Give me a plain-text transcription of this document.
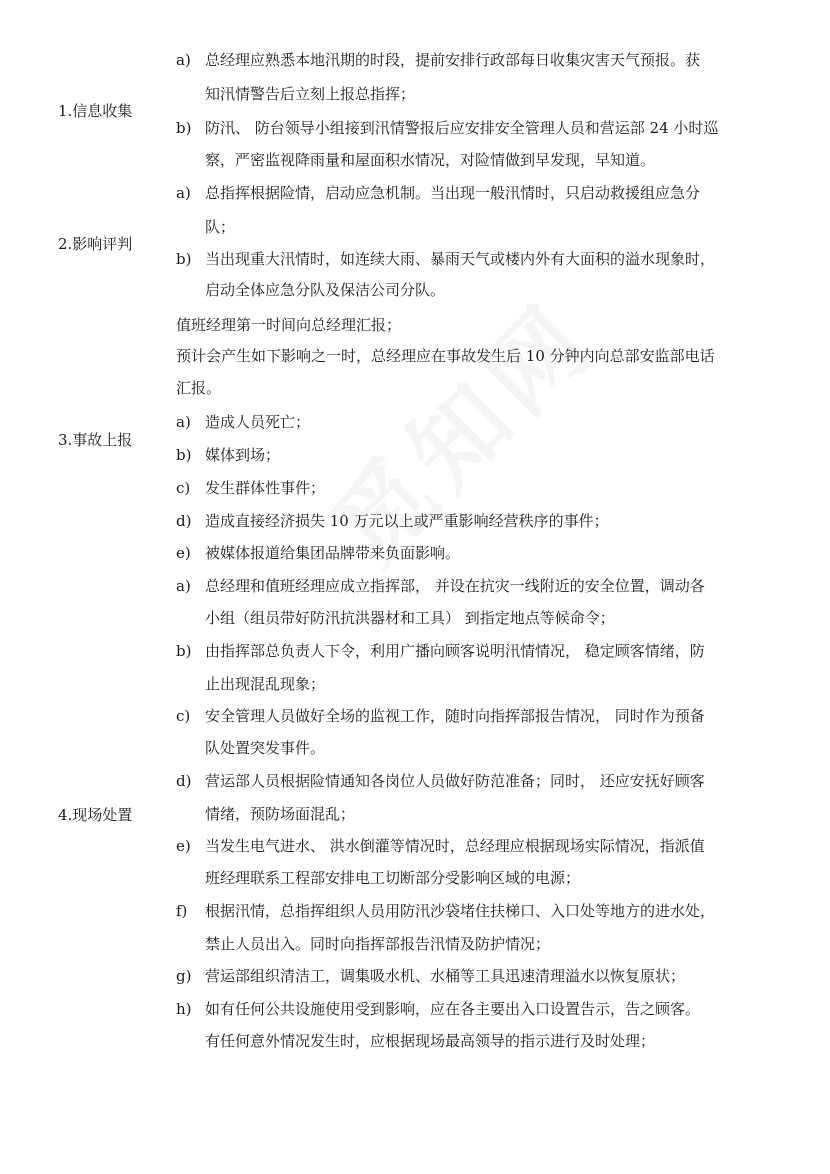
1.信息收集
a) 总经理应熟悉本地汛期的时段，提前安排行政部每日收集灾害天气预报。获
知汛情警告后立刻上报总指挥；
b) 防汛、 防台领导小组接到汛情警报后应安排安全管理人员和营运部 24 小时巡
察，严密监视降雨量和屋面积水情况，对险情做到早发现，早知道。
2.影响评判
a) 总指挥根据险情，启动应急机制。当出现一般汛情时，只启动救援组应急分
队；
b) 当出现重大汛情时，如连续大雨、暴雨天气或楼内外有大面积的溢水现象时，
启动全体应急分队及保洁公司分队。
3.事故上报
值班经理第一时间向总经理汇报；
预计会产生如下影响之一时，总经理应在事故发生后 10 分钟内向总部安监部电话
汇报。
a) 造成人员死亡；
b) 媒体到场；
c) 发生群体性事件；
d) 造成直接经济损失 10 万元以上或严重影响经营秩序的事件；
e) 被媒体报道给集团品牌带来负面影响。
4.现场处置
a) 总经理和值班经理应成立指挥部， 并设在抗灾一线附近的安全位置，调动各
小组（组员带好防汛抗洪器材和工具） 到指定地点等候命令；
b) 由指挥部总负责人下令，利用广播向顾客说明汛情情况， 稳定顾客情绪，防
止出现混乱现象；
c) 安全管理人员做好全场的监视工作，随时向指挥部报告情况， 同时作为预备
队处置突发事件。
d) 营运部人员根据险情通知各岗位人员做好防范准备；同时， 还应安抚好顾客
情绪，预防场面混乱；
e) 当发生电气进水、 洪水倒灌等情况时，总经理应根据现场实际情况，指派值
班经理联系工程部安排电工切断部分受影响区域的电源；
f) 根据汛情，总指挥组织人员用防汛沙袋堵住扶梯口、入口处等地方的进水处，
禁止人员出入。同时向指挥部报告汛情及防护情况；
g) 营运部组织清洁工，调集吸水机、水桶等工具迅速清理溢水以恢复原状；
h) 如有任何公共设施使用受到影响，应在各主要出入口设置告示，告之顾客。
有任何意外情况发生时，应根据现场最高领导的指示进行及时处理；
